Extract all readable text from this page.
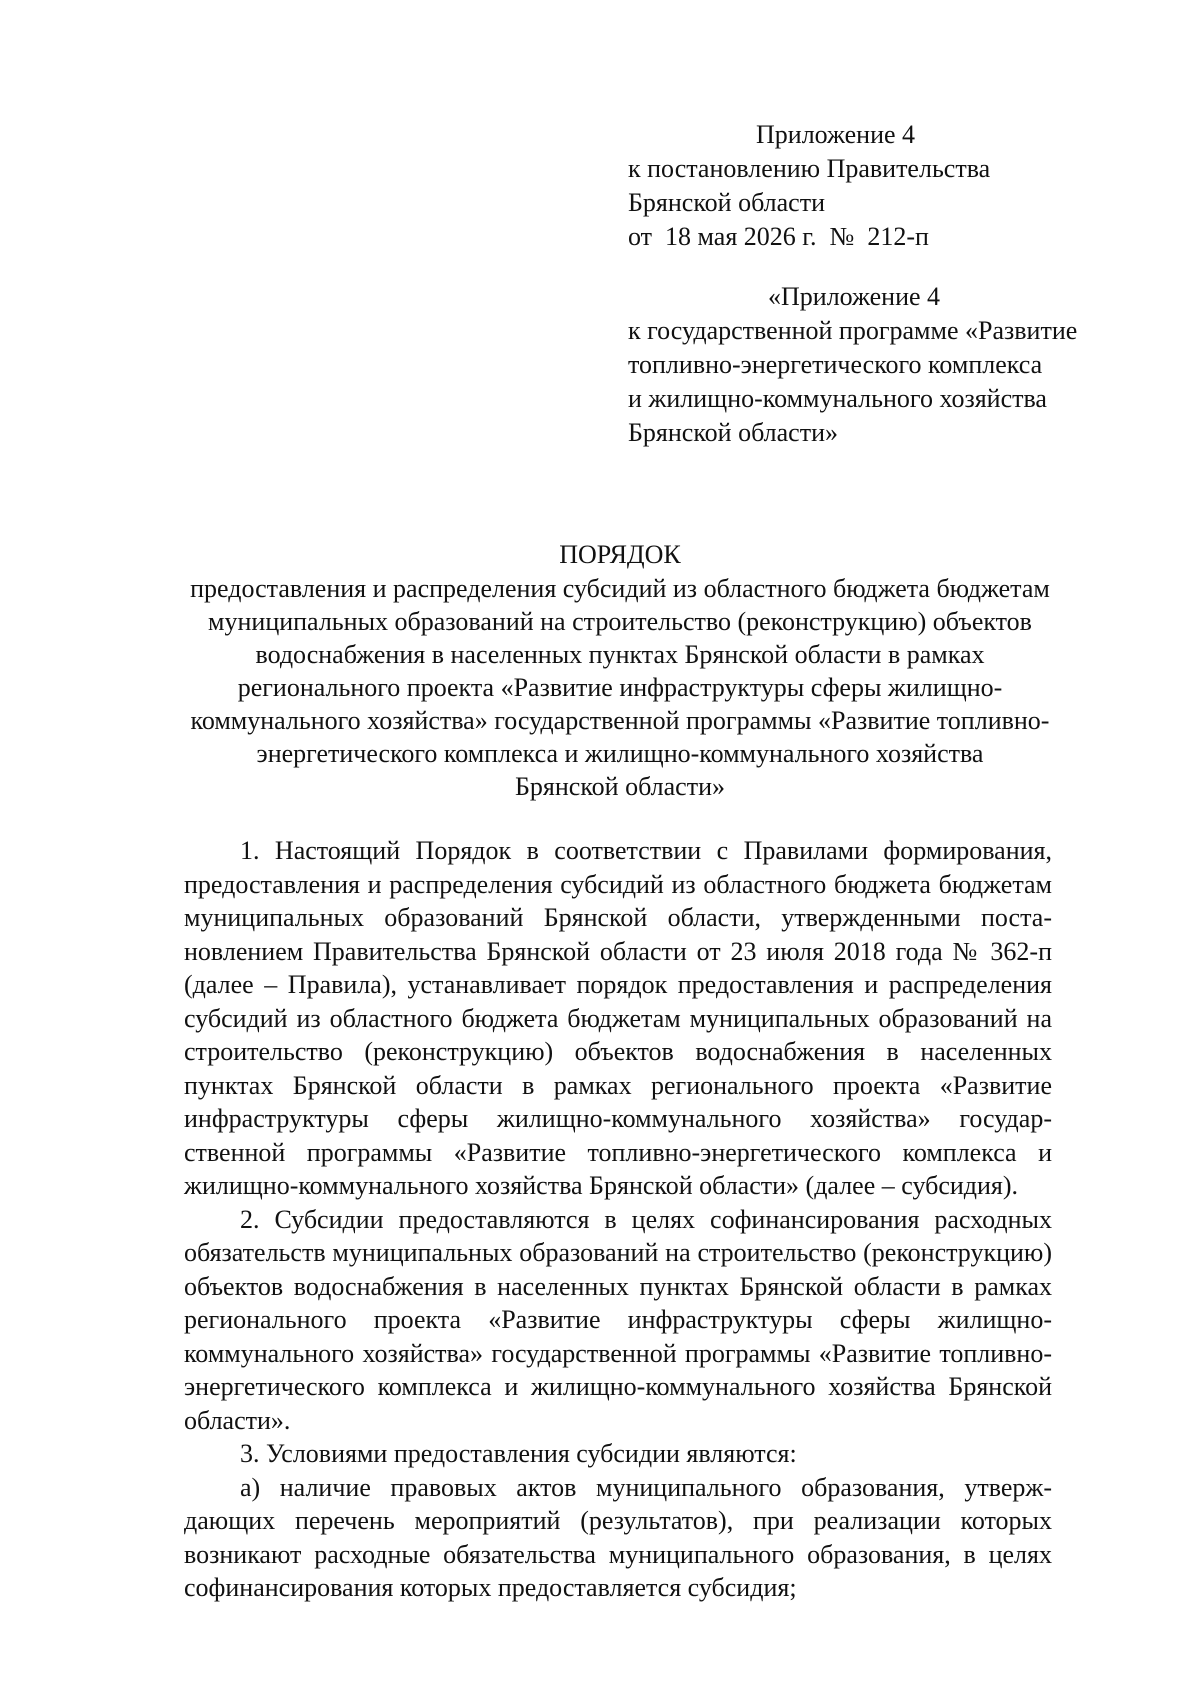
Приложение 4
к постановлению Правительства
Брянской области
от  18 мая 2026 г.  №  212-п
«Приложение 4
к государственной программе «Развитие
топливно-энергетического комплекса
и жилищно-коммунального хозяйства
Брянской области»
ПОРЯДОК
предоставления и распределения субсидий из областного бюджета бюджетам
муниципальных образований на строительство (реконструкцию) объектов
водоснабжения в населенных пунктах Брянской области в рамках
регионального проекта «Развитие инфраструктуры сферы жилищно-
коммунального хозяйства» государственной программы «Развитие топливно-
энергетического комплекса и жилищно-коммунального хозяйства
Брянской области»

1. Настоящий Порядок в соответствии с Правилами формирования, предоставления и распределения субсидий из областного бюджета бюджетам муниципальных образований Брянской области, утвержденными постановлением Правительства Брянской области от 23 июля 2018 года № 362-п (далее – Правила), устанавливает порядок предоставления и распределения субсидий из областного бюджета бюджетам муниципальных образований на строительство (реконструкцию) объектов водоснабжения в населенных пунктах Брянской области в рамках регионального проекта «Развитие инфраструктуры сферы жилищно-коммунального хозяйства» государственной программы «Развитие топливно-энергетического комплекса и жилищно-коммунального хозяйства Брянской области» (далее – субсидия).

2. Субсидии предоставляются в целях софинансирования расходных обязательств муниципальных образований на строительство (реконструкцию) объектов водоснабжения в населенных пунктах Брянской области в рамках регионального проекта «Развитие инфраструктуры сферы жилищно-коммунального хозяйства» государственной программы «Развитие топливно-энергетического комплекса и жилищно-коммунального хозяйства Брянской области».

3. Условиями предоставления субсидии являются:

а) наличие правовых актов муниципального образования, утверждающих перечень мероприятий (результатов), при реализации которых возникают расходные обязательства муниципального образования, в целях софинансирования которых предоставляется субсидия;
